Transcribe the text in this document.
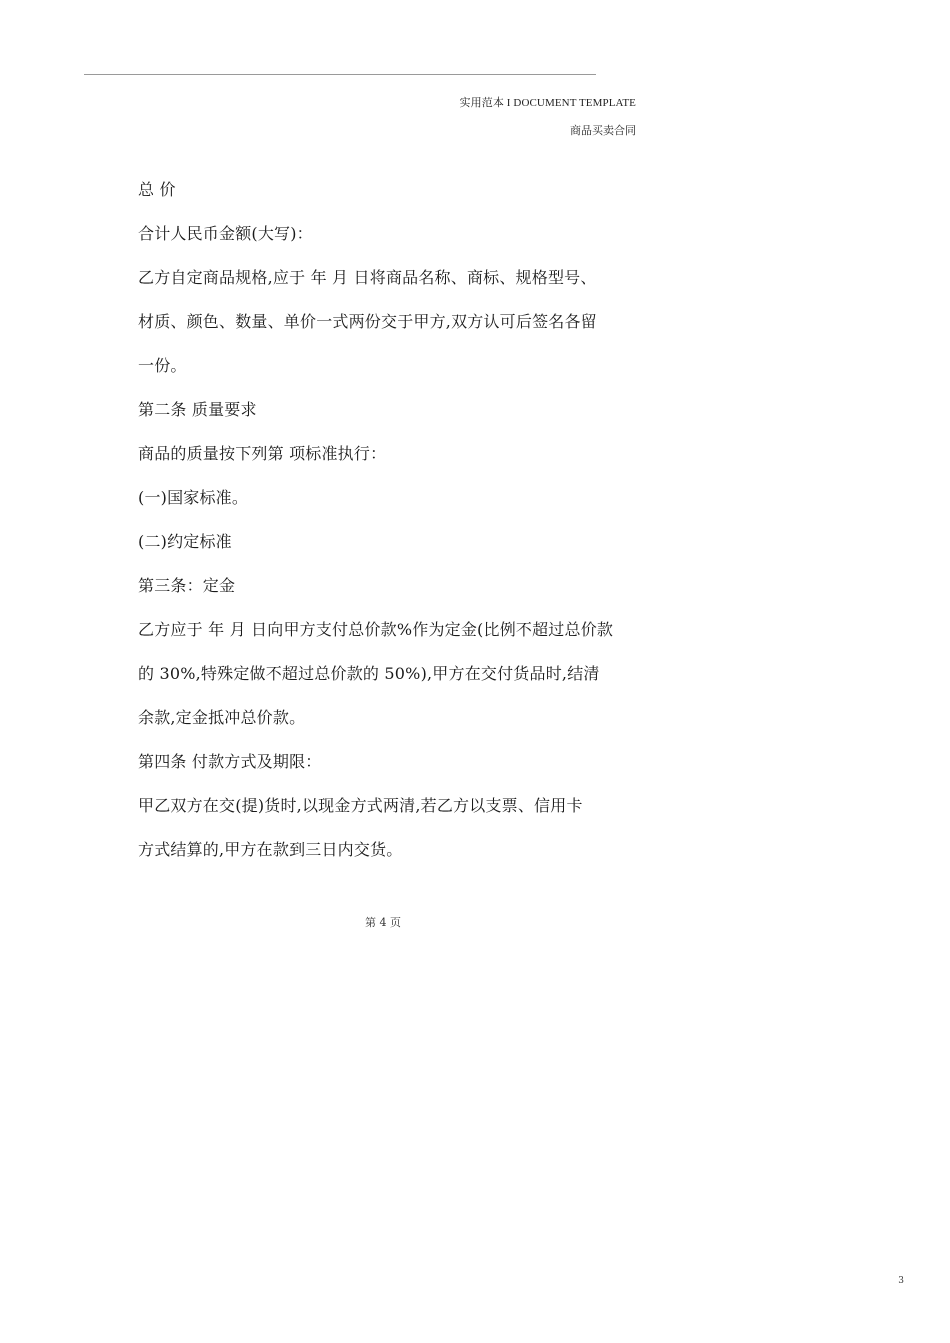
实用范本 I DOCUMENT TEMPLATE
商品买卖合同
总 价
合计人民币金额(大写)：
乙方自定商品规格,应于 年 月 日将商品名称、商标、规格型号、
材质、颜色、数量、单价一式两份交于甲方,双方认可后签名各留
一份。
第二条 质量要求
商品的质量按下列第 项标准执行：
(一)国家标准。
(二)约定标准
第三条：定金
乙方应于 年 月 日向甲方支付总价款%作为定金(比例不超过总价款
的 30%,特殊定做不超过总价款的 50%),甲方在交付货品时,结清
余款,定金抵冲总价款。
第四条 付款方式及期限：
甲乙双方在交(提)货时,以现金方式两清,若乙方以支票、信用卡
方式结算的,甲方在款到三日内交货。
第 4 页
3
